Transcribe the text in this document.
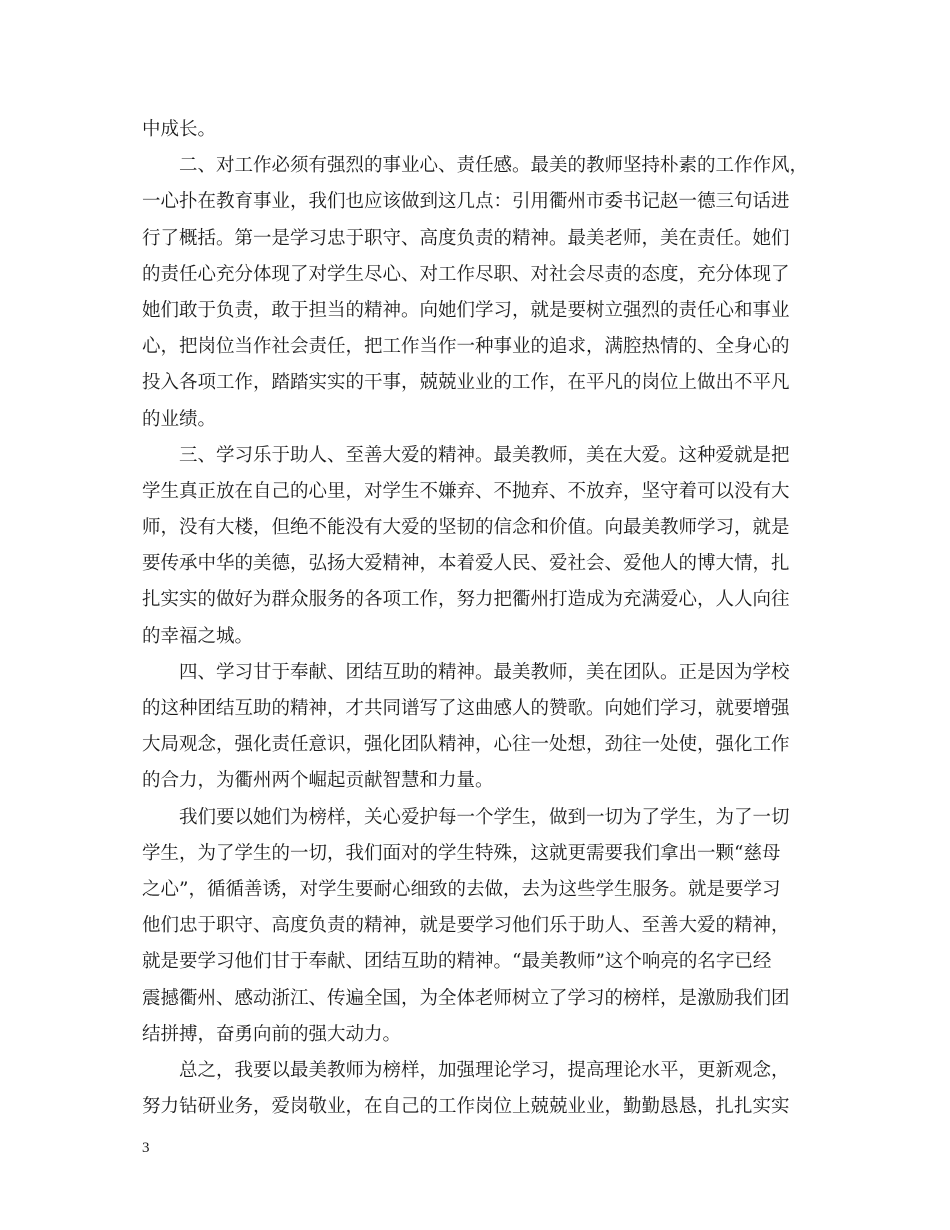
中成长。
二、对工作必须有强烈的事业心、责任感。最美的教师坚持朴素的工作作风，
一心扑在教育事业，我们也应该做到这几点：引用衢州市委书记赵一德三句话进
行了概括。第一是学习忠于职守、高度负责的精神。最美老师，美在责任。她们
的责任心充分体现了对学生尽心、对工作尽职、对社会尽责的态度，充分体现了
她们敢于负责，敢于担当的精神。向她们学习，就是要树立强烈的责任心和事业
心，把岗位当作社会责任，把工作当作一种事业的追求，满腔热情的、全身心的
投入各项工作，踏踏实实的干事，兢兢业业的工作，在平凡的岗位上做出不平凡
的业绩。
三、学习乐于助人、至善大爱的精神。最美教师，美在大爱。这种爱就是把
学生真正放在自己的心里，对学生不嫌弃、不抛弃、不放弃，坚守着可以没有大
师，没有大楼，但绝不能没有大爱的坚韧的信念和价值。向最美教师学习，就是
要传承中华的美德，弘扬大爱精神，本着爱人民、爱社会、爱他人的博大情，扎
扎实实的做好为群众服务的各项工作，努力把衢州打造成为充满爱心，人人向往
的幸福之城。
四、学习甘于奉献、团结互助的精神。最美教师，美在团队。正是因为学校
的这种团结互助的精神，才共同谱写了这曲感人的赞歌。向她们学习，就要增强
大局观念，强化责任意识，强化团队精神，心往一处想，劲往一处使，强化工作
的合力，为衢州两个崛起贡献智慧和力量。
我们要以她们为榜样，关心爱护每一个学生，做到一切为了学生，为了一切
学生，为了学生的一切，我们面对的学生特殊，这就更需要我们拿出一颗“慈母
之心”，循循善诱，对学生要耐心细致的去做，去为这些学生服务。就是要学习
他们忠于职守、高度负责的精神，就是要学习他们乐于助人、至善大爱的精神，
就是要学习他们甘于奉献、团结互助的精神。“最美教师”这个响亮的名字已经
震撼衢州、感动浙江、传遍全国，为全体老师树立了学习的榜样，是激励我们团
结拼搏，奋勇向前的强大动力。
总之，我要以最美教师为榜样，加强理论学习，提高理论水平，更新观念，
努力钻研业务，爱岗敬业，在自己的工作岗位上兢兢业业，勤勤恳恳，扎扎实实
3
